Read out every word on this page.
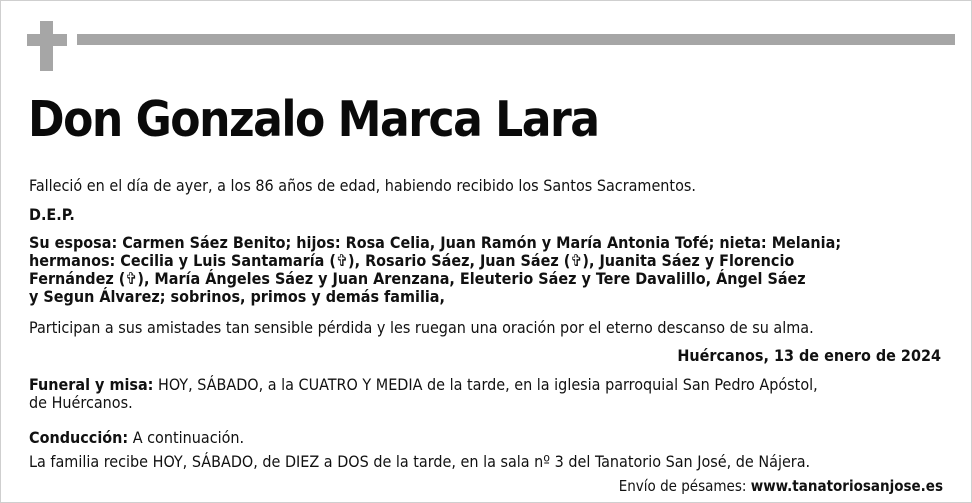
Don Gonzalo Marca Lara
Falleció en el día de ayer, a los 86 años de edad, habiendo recibido los Santos Sacramentos.
D.E.P.
Su esposa: Carmen Sáez Benito; hijos: Rosa Celia, Juan Ramón y María Antonia Tofé; nieta: Melania;
hermanos: Cecilia y Luis Santamaría (✞), Rosario Sáez, Juan Sáez (✞), Juanita Sáez y Florencio
Fernández (✞), María Ángeles Sáez y Juan Arenzana, Eleuterio Sáez y Tere Davalillo, Ángel Sáez
y Segun Álvarez; sobrinos, primos y demás familia,
Participan a sus amistades tan sensible pérdida y les ruegan una oración por el eterno descanso de su alma.
Huércanos, 13 de enero de 2024
Funeral y misa: HOY, SÁBADO, a la CUATRO Y MEDIA de la tarde, en la iglesia parroquial San Pedro Apóstol,
de Huércanos.
Conducción: A continuación.
La familia recibe HOY, SÁBADO, de DIEZ a DOS de la tarde, en la sala nº 3 del Tanatorio San José, de Nájera.
Envío de pésames: www.tanatoriosanjose.es
